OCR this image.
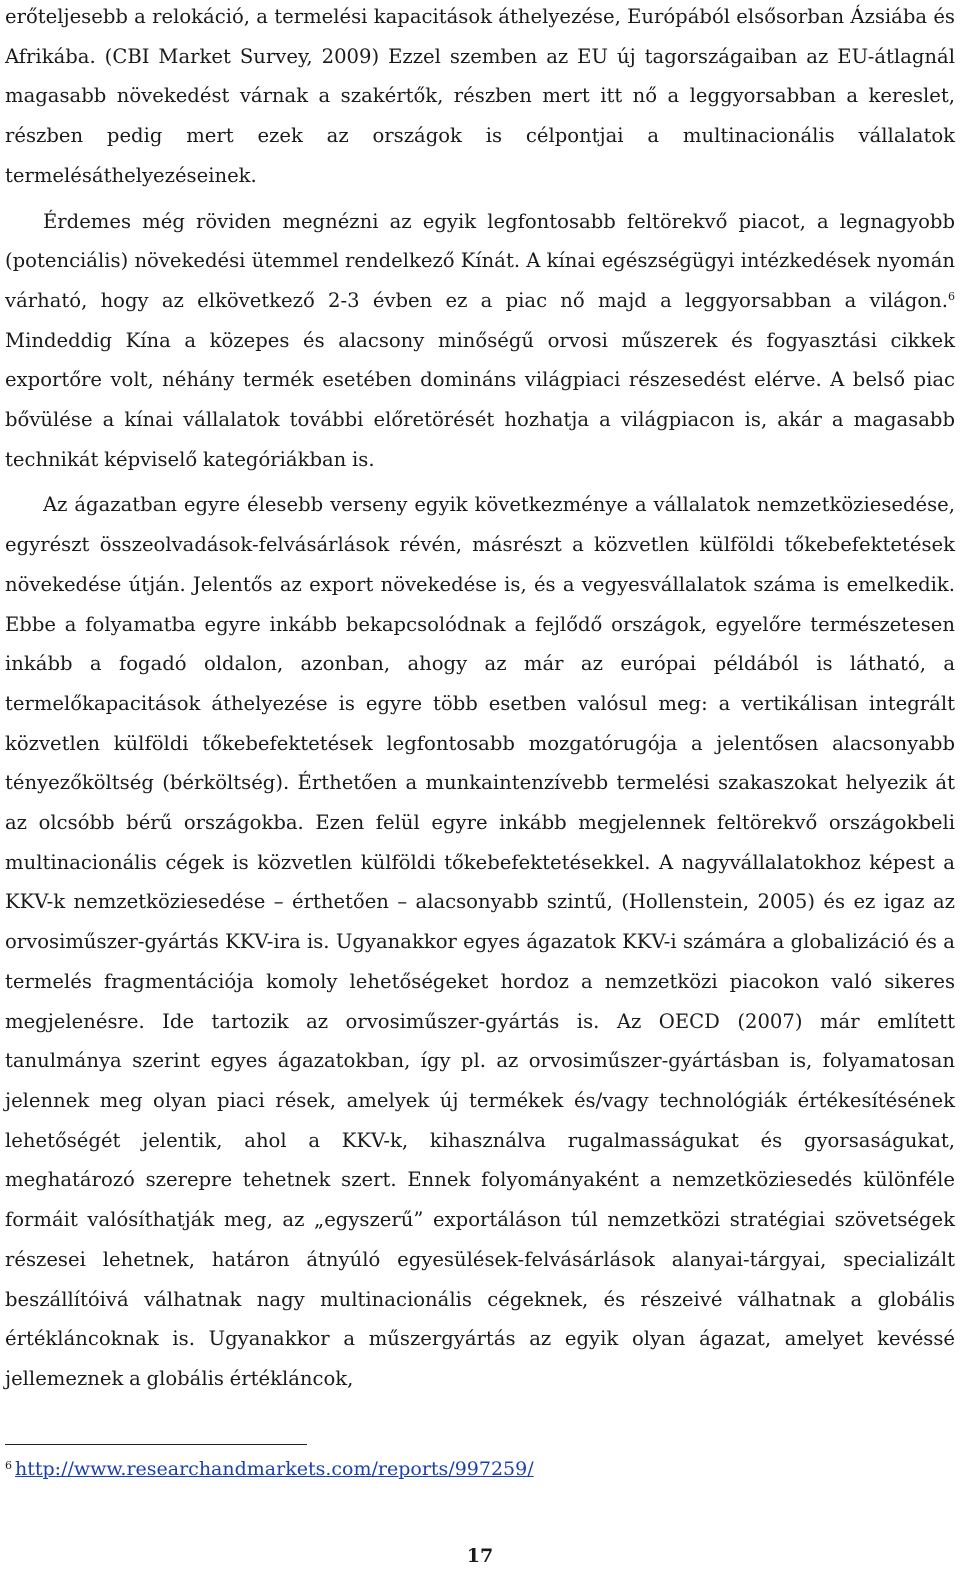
erőteljesebb a relokáció, a termelési kapacitások áthelyezése, Európából elsősorban Ázsiába és Afrikába. (CBI Market Survey, 2009) Ezzel szemben az EU új tagországaiban az EU-átlagnál magasabb növekedést várnak a szakértők, részben mert itt nő a leggyorsabban a kereslet, részben pedig mert ezek az országok is célpontjai a multinacionális vállalatok termelésáthelyezéseinek.

Érdemes még röviden megnézni az egyik legfontosabb feltörekvő piacot, a legnagyobb (potenciális) növekedési ütemmel rendelkező Kínát. A kínai egészségügyi intézkedések nyomán várható, hogy az elkövetkező 2-3 évben ez a piac nő majd a leggyorsabban a világon.$^6$ Mindeddig Kína a közepes és alacsony minőségű orvosi műszerek és fogyasztási cikkek exportőre volt, néhány termék esetében domináns világpiaci részesedést elérve. A belső piac bővülése a kínai vállalatok további előretörését hozhatja a világpiacon is, akár a magasabb technikát képviselő kategóriákban is.

Az ágazatban egyre élesebb verseny egyik következménye a vállalatok nemzetköziesedése, egyrészt összeolvadások-felvásárlások révén, másrészt a közvetlen külföldi tőkebefektetések növekedése útján. Jelentős az export növekedése is, és a vegyesvállalatok száma is emelkedik. Ebbe a folyamatba egyre inkább bekapcsolódnak a fejlődő országok, egyelőre természetesen inkább a fogadó oldalon, azonban, ahogy az már az európai példából is látható, a termelőkapacitások áthelyezése is egyre több esetben valósul meg: a vertikálisan integrált közvetlen külföldi tőkebefektetések legfontosabb mozgatórugója a jelentősen alacsonyabb tényezőköltség (bérköltség). Érthetően a munkaintenzívebb termelési szakaszokat helyezik át az olcsóbb bérű országokba. Ezen felül egyre inkább megjelennek feltörekvő országokbeli multinacionális cégek is közvetlen külföldi tőkebefektetésekkel. A nagyvállalatokhoz képest a KKV-k nemzetköziesedése – érthetően – alacsonyabb szintű, (Hollenstein, 2005) és ez igaz az orvosiműszer-gyártás KKV-ira is. Ugyanakkor egyes ágazatok KKV-i számára a globalizáció és a termelés fragmentációja komoly lehetőségeket hordoz a nemzetközi piacokon való sikeres megjelenésre. Ide tartozik az orvosiműszer-gyártás is. Az OECD (2007) már említett tanulmánya szerint egyes ágazatokban, így pl. az orvosiműszer-gyártásban is, folyamatosan jelennek meg olyan piaci rések, amelyek új termékek és/vagy technológiák értékesítésének lehetőségét jelentik, ahol a KKV-k, kihasználva rugalmasságukat és gyorsaságukat, meghatározó szerepre tehetnek szert. Ennek folyományaként a nemzetköziesedés különféle formáit valósíthatják meg, az „egyszerű” exportáláson túl nemzetközi stratégiai szövetségek részesei lehetnek, határon átnyúló egyesülések-felvásárlások alanyai-tárgyai, specializált beszállítóivá válhatnak nagy multinacionális cégeknek, és részeivé válhatnak a globális értékláncoknak is. Ugyanakkor a műszergyártás az egyik olyan ágazat, amelyet kevéssé jellemeznek a globális értékláncok,

$^6$ http://www.researchandmarkets.com/reports/997259/
17
